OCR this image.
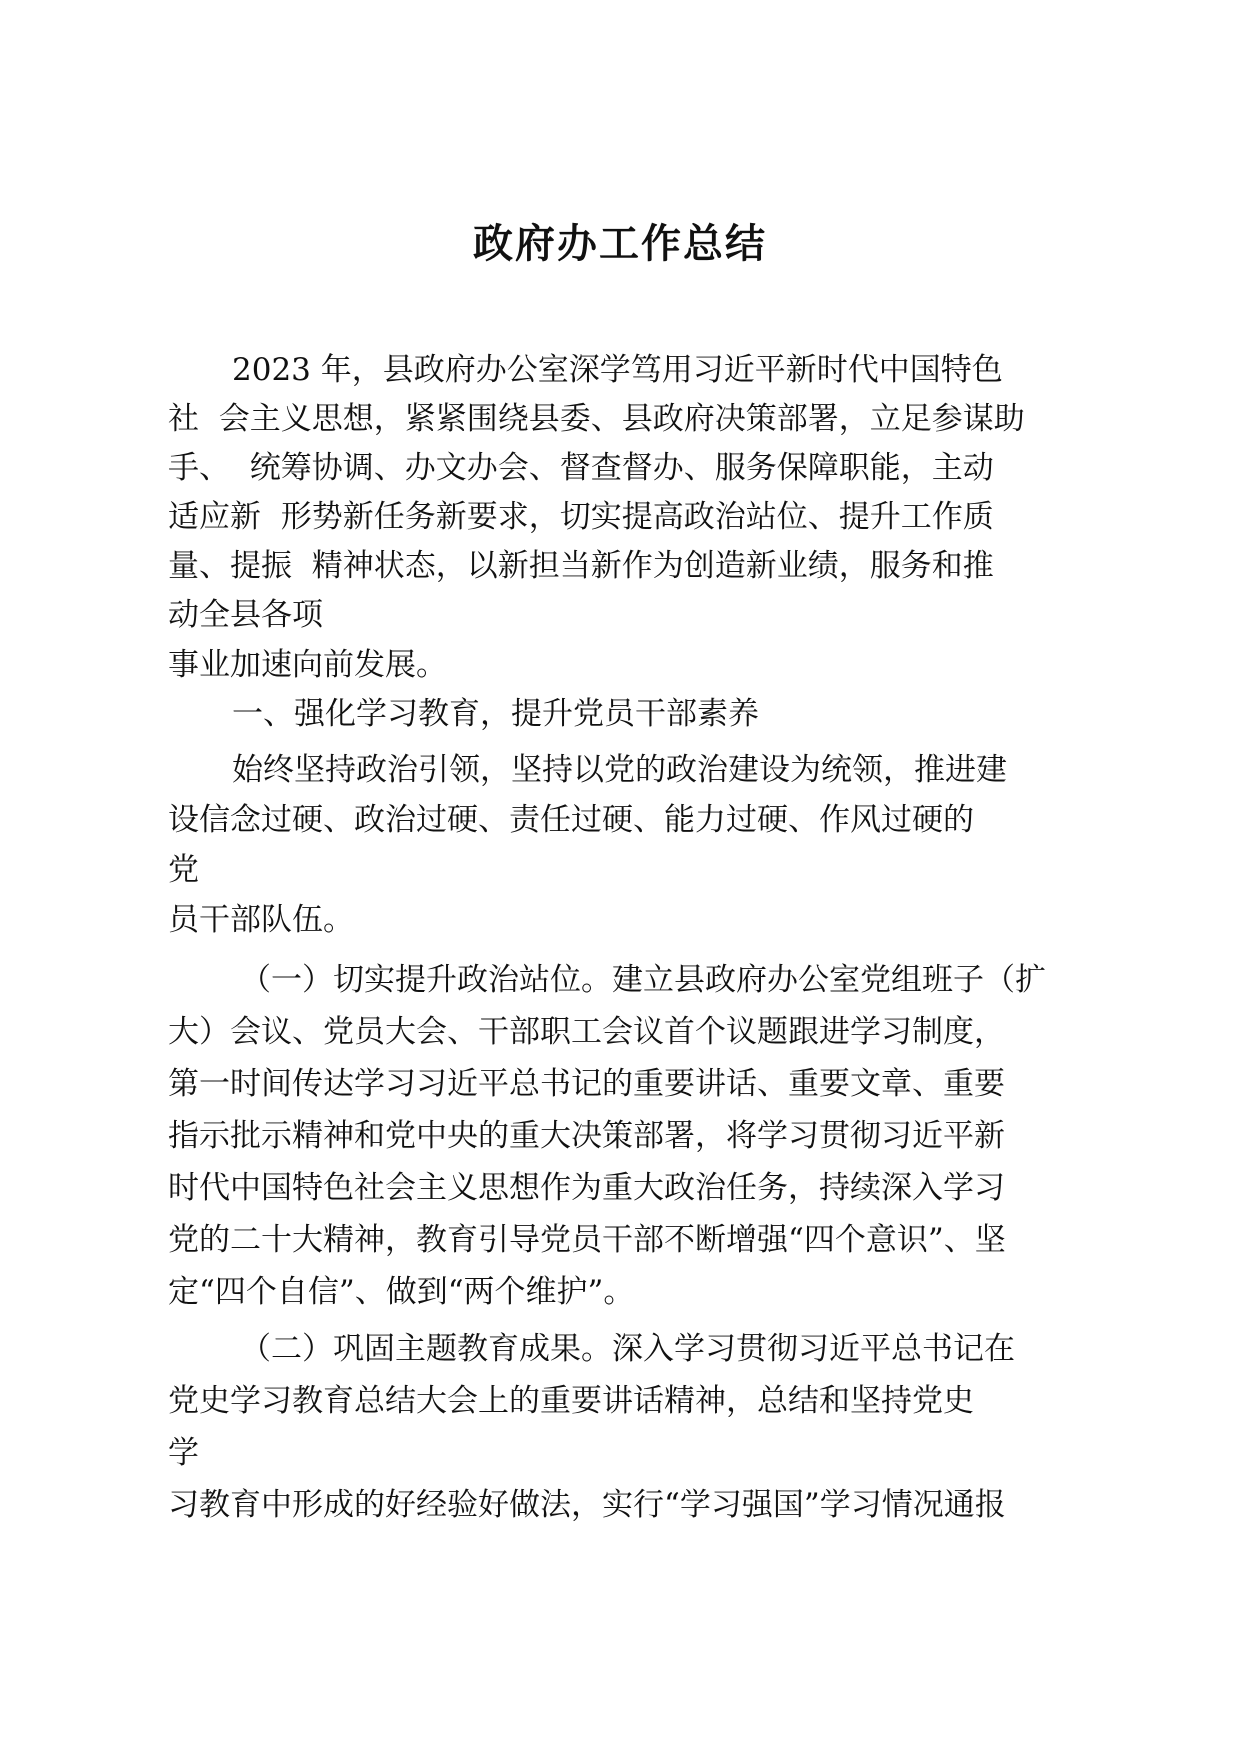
政府办工作总结

2023 年，县政府办公室深学笃用习近平新时代中国特色

社  会主义思想，紧紧围绕县委、县政府决策部署，立足参谋助

手、  统筹协调、办文办会、督查督办、服务保障职能，主动

适应新  形势新任务新要求，切实提高政治站位、提升工作质

量、提振  精神状态，以新担当新作为创造新业绩，服务和推

动全县各项

事业加速向前发展。

一、强化学习教育，提升党员干部素养

始终坚持政治引领，坚持以党的政治建设为统领，推进建

设信念过硬、政治过硬、责任过硬、能力过硬、作风过硬的

党

员干部队伍。

（一）切实提升政治站位。建立县政府办公室党组班子（扩

大）会议、党员大会、干部职工会议首个议题跟进学习制度，

第一时间传达学习习近平总书记的重要讲话、重要文章、重要

指示批示精神和党中央的重大决策部署，将学习贯彻习近平新

时代中国特色社会主义思想作为重大政治任务，持续深入学习

党的二十大精神，教育引导党员干部不断增强“四个意识”、坚

定“四个自信”、做到“两个维护”。

（二）巩固主题教育成果。深入学习贯彻习近平总书记在

党史学习教育总结大会上的重要讲话精神，总结和坚持党史

学

习教育中形成的好经验好做法，实行“学习强国”学习情况通报
